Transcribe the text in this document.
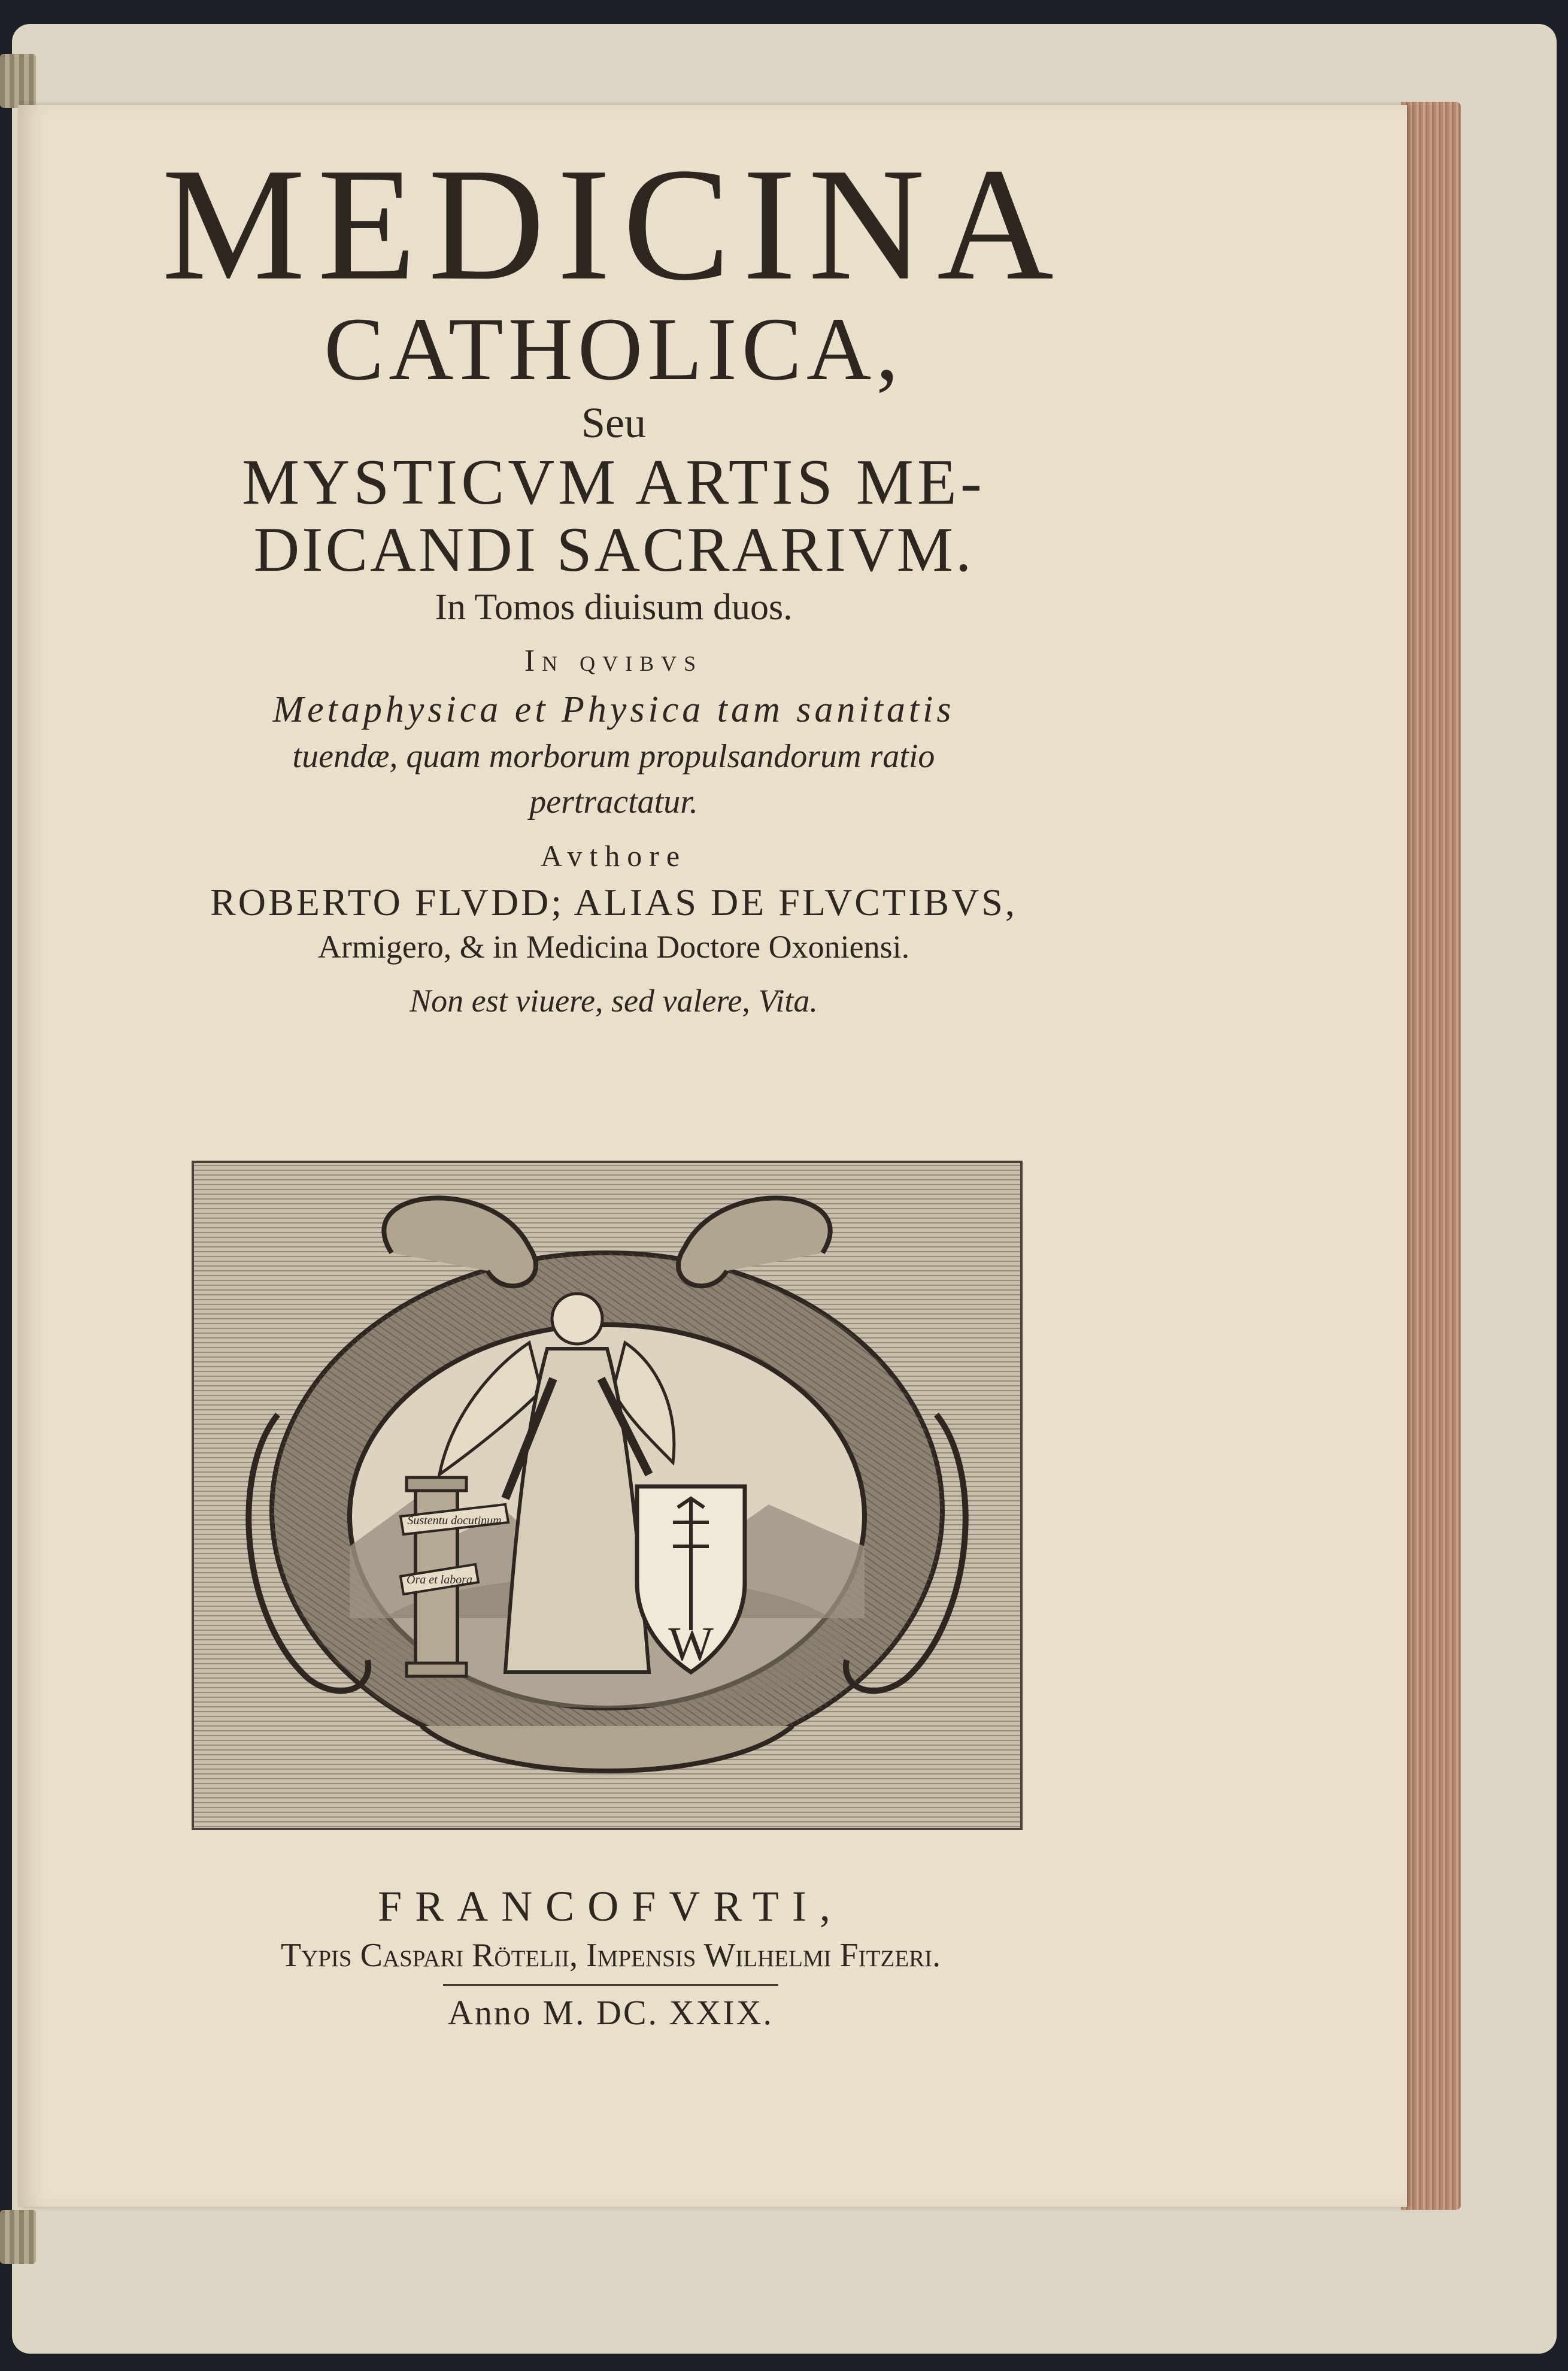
MEDICINA
CATHOLICA,
Seu
MYSTICVM ARTIS ME-
DICANDI SACRARIVM.
In Tomos diuisum duos.
In qvibvs
Metaphysica et Physica tam sanitatis
tuendæ, quam morborum propulsandorum ratio
pertractatur.
Avthore
ROBERTO FLVDD; ALIAS DE FLVCTIBVS,
Armigero, & in Medicina Doctore Oxoniensi.
Non est viuere, sed valere, Vita.
Sustentu docutinum
Ora et labora
W
FRANCOFVRTI,
Typis Caspari Rötelii, Impensis Wilhelmi Fitzeri.
Anno M. DC. XXIX.
